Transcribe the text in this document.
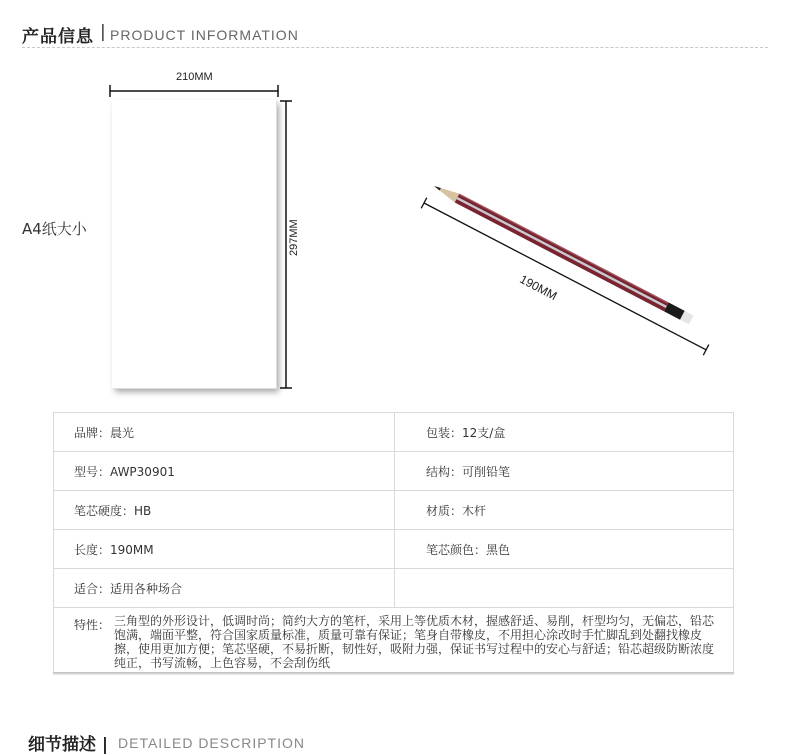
产品信息 | PRODUCT INFORMATION
A4纸大小
210MM
297MM
190MM
品牌：晨光	包装：12支/盒
型号：AWP30901	结构：可削铅笔
笔芯硬度：HB	材质：木杆
长度：190MM	笔芯颜色：黑色
适合：适用各种场合	

特性： 三角型的外形设计，低调时尚；简约大方的笔杆，采用上等优质木材，握感舒适、易削，杆型均匀，无偏芯，铅芯饱满，端面平整，符合国家质量标准，质量可靠有保证；笔身自带橡皮，不用担心涂改时手忙脚乱到处翻找橡皮擦，使用更加方便；笔芯坚硬，不易折断，韧性好，吸附力强，保证书写过程中的安心与舒适；铅芯超级防断浓度纯正，书写流畅，上色容易，不会刮伤纸	
细节描述 | DETAILED DESCRIPTION
